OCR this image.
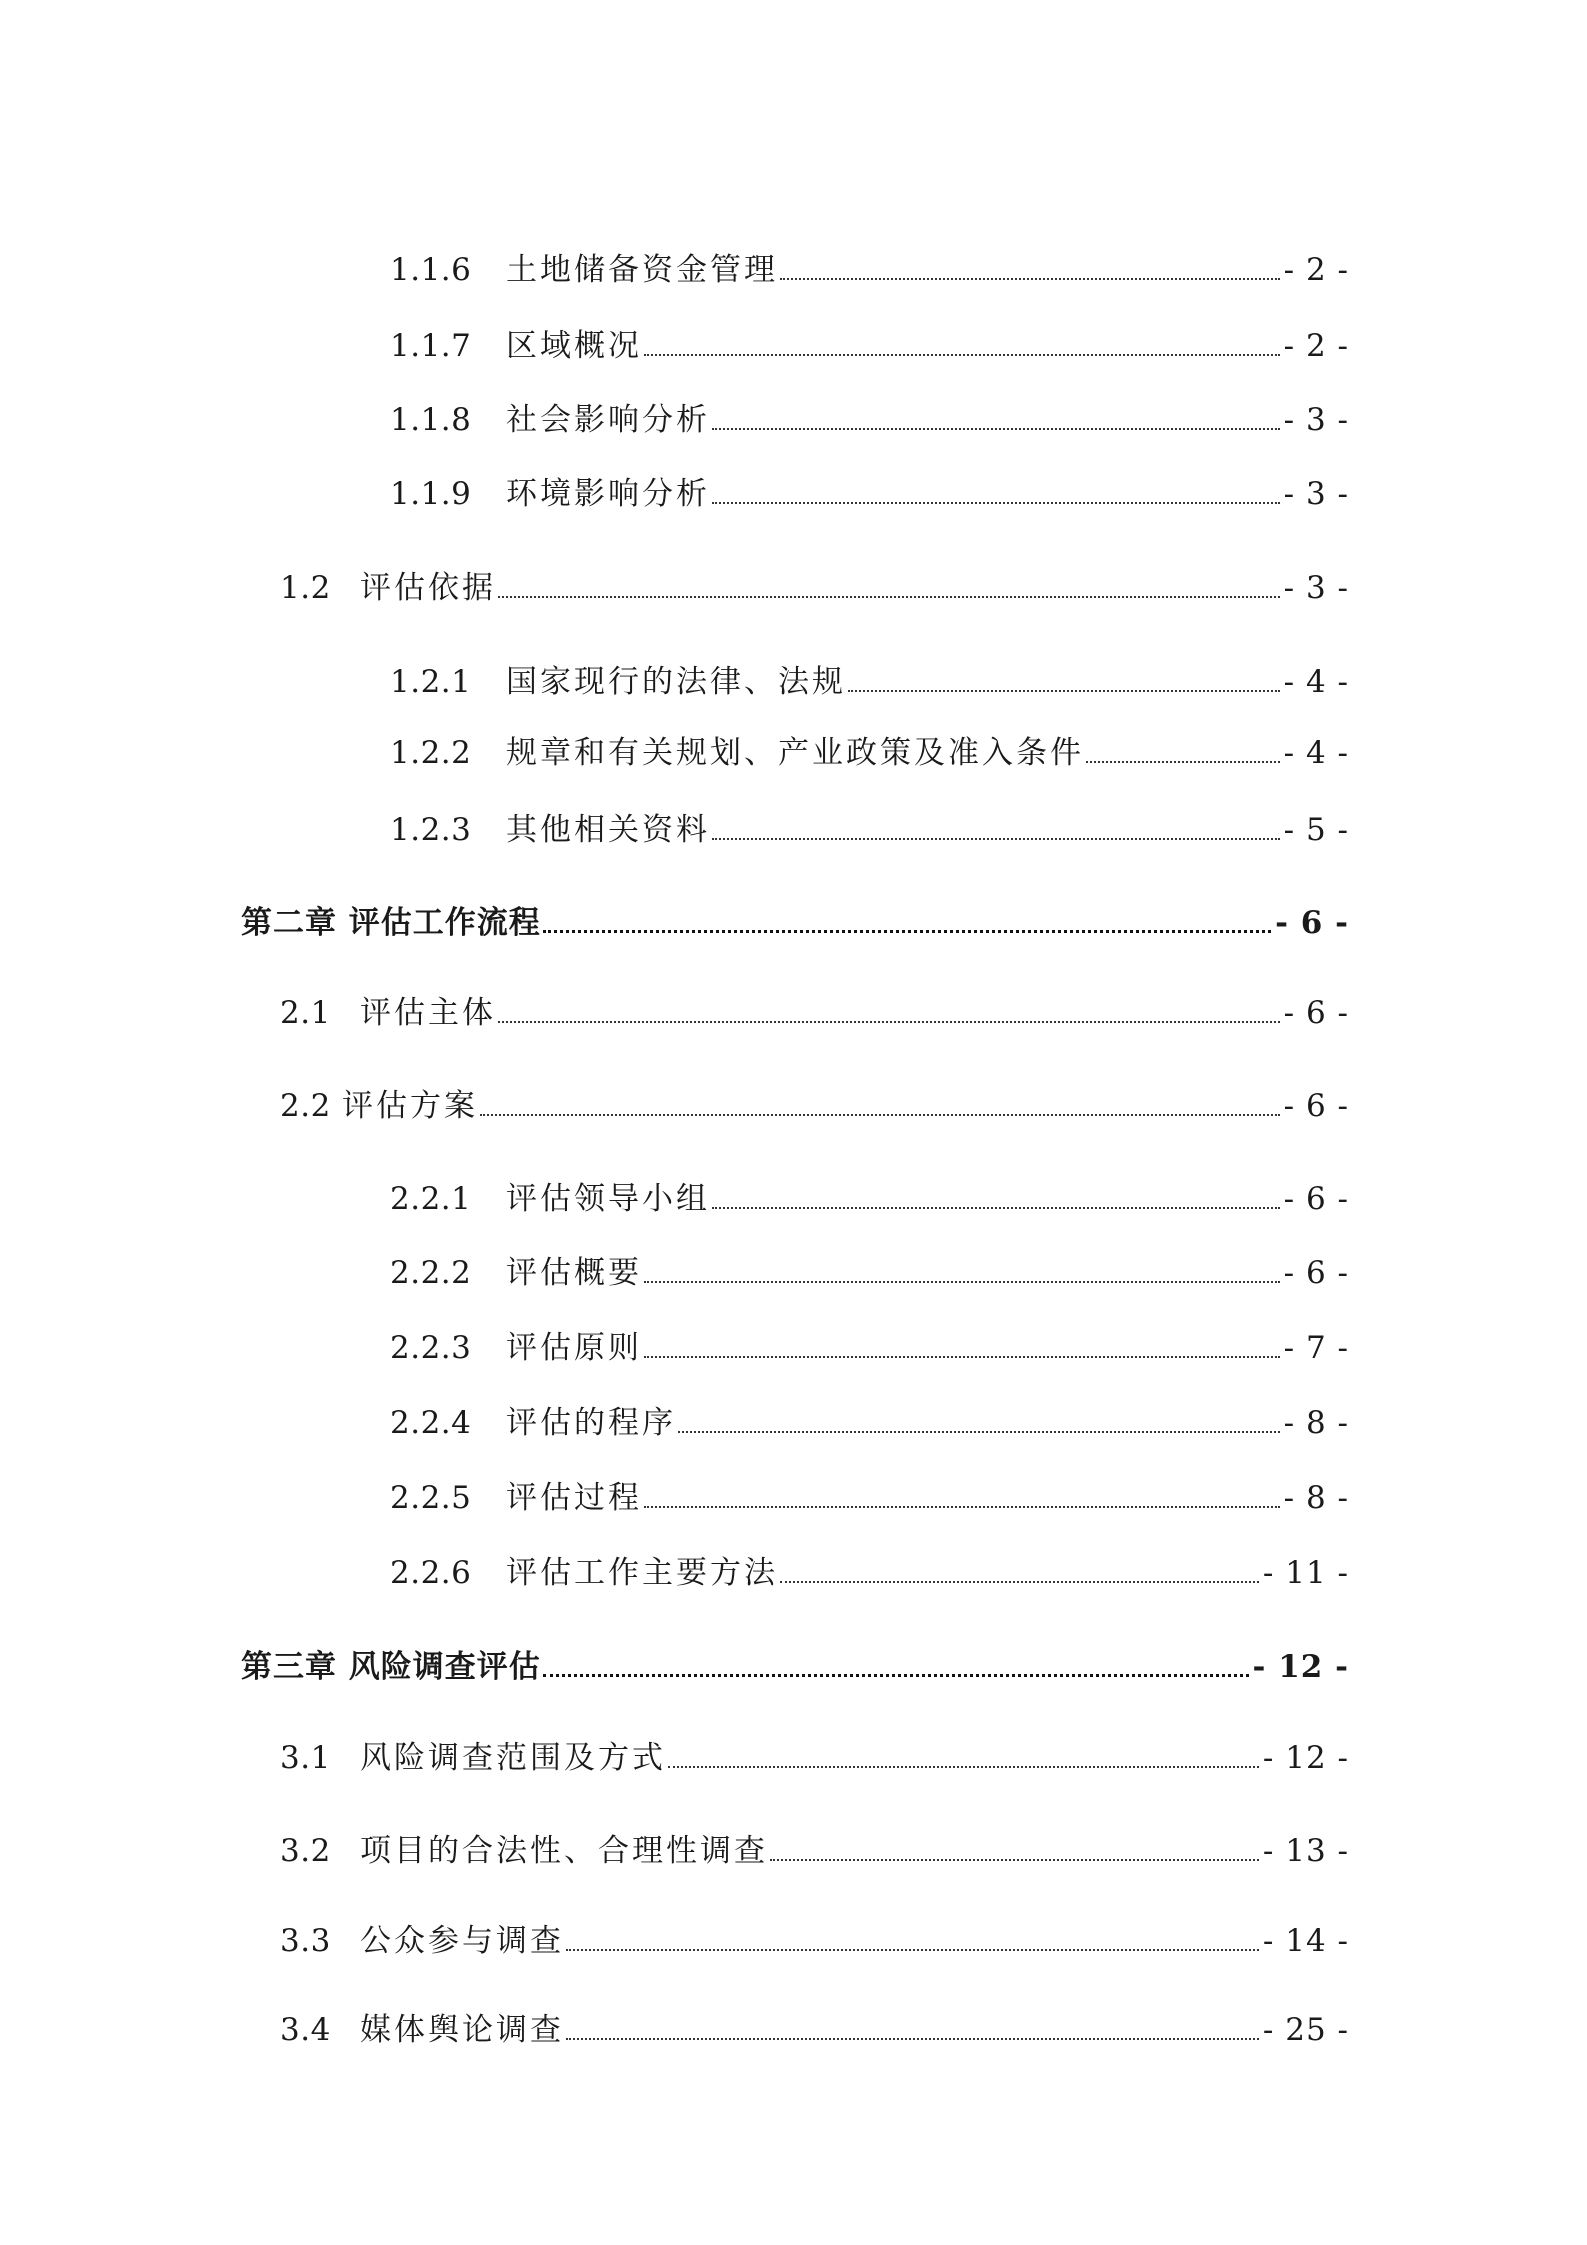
1.1.6	土地储备资金管理	- 2 -
1.1.7	区域概况	- 2 -
1.1.8	社会影响分析	- 3 -
1.1.9	环境影响分析	- 3 -
1.2 评估依据	- 3 -
1.2.1	国家现行的法律、法规	- 4 -
1.2.2	规章和有关规划、产业政策及准入条件	- 4 -
1.2.3	其他相关资料	- 5 -
第二章 评估工作流程	- 6 -
2.1 评估主体	- 6 -
2.2 评估方案	- 6 -
2.2.1	评估领导小组	- 6 -
2.2.2	评估概要	- 6 -
2.2.3	评估原则	- 7 -
2.2.4	评估的程序	- 8 -
2.2.5	评估过程	- 8 -
2.2.6	评估工作主要方法	- 11 -
第三章 风险调查评估	- 12 -
3.1 风险调查范围及方式	- 12 -
3.2 项目的合法性、合理性调查	- 13 -
3.3 公众参与调查	- 14 -
3.4 媒体舆论调查	- 25 -
